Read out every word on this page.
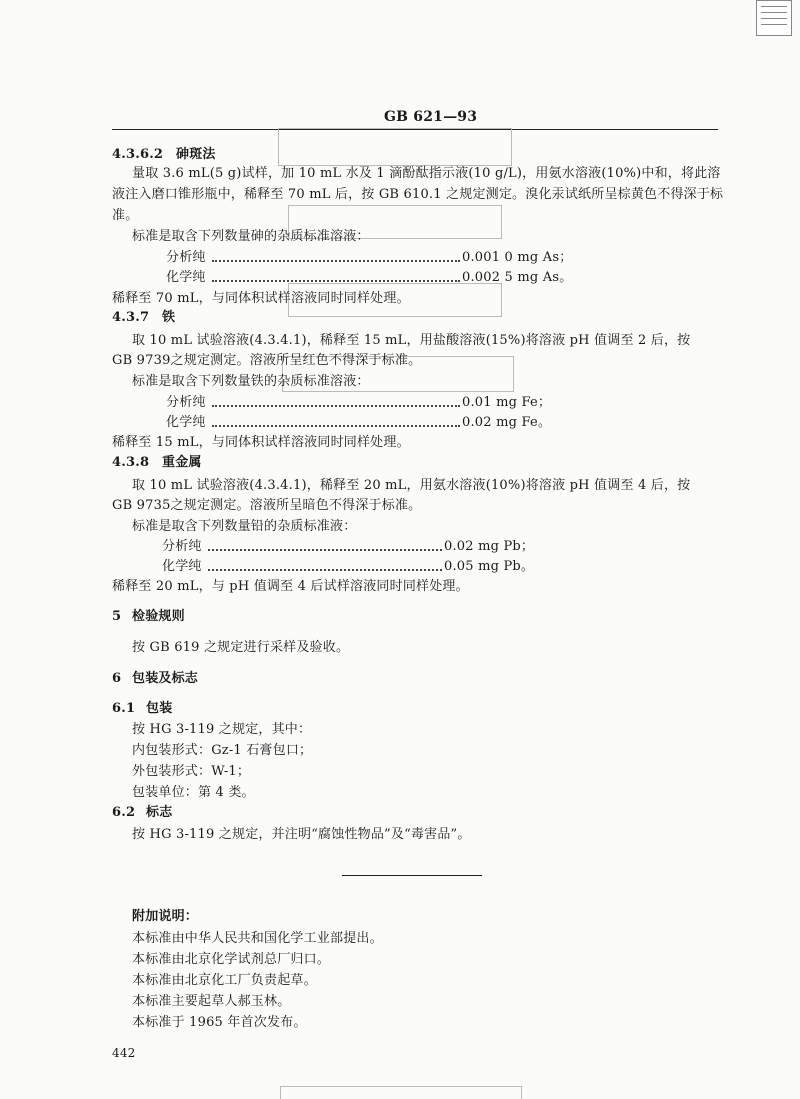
GB 621—93
4.3.6.2 砷斑法
量取 3.6 mL(5 g)试样，加 10 mL 水及 1 滴酚酞指示液(10 g/L)，用氨水溶液(10%)中和，将此溶
液注入磨口锥形瓶中，稀释至 70 mL 后，按 GB 610.1 之规定测定。溴化汞试纸所呈棕黄色不得深于标
准。
标准是取含下列数量砷的杂质标准溶液：
分析纯	0.001 0 mg As；
化学纯	0.002 5 mg As。
稀释至 70 mL，与同体积试样溶液同时同样处理。
4.3.7 铁
取 10 mL 试验溶液(4.3.4.1)，稀释至 15 mL，用盐酸溶液(15%)将溶液 pH 值调至 2 后，按
GB 9739之规定测定。溶液所呈红色不得深于标准。
标准是取含下列数量铁的杂质标准溶液：
分析纯	0.01 mg Fe；
化学纯	0.02 mg Fe。
稀释至 15 mL，与同体积试样溶液同时同样处理。
4.3.8 重金属
取 10 mL 试验溶液(4.3.4.1)，稀释至 20 mL，用氨水溶液(10%)将溶液 pH 值调至 4 后，按
GB 9735之规定测定。溶液所呈暗色不得深于标准。
标准是取含下列数量铅的杂质标准液：
分析纯	0.02 mg Pb；
化学纯	0.05 mg Pb。
稀释至 20 mL，与 pH 值调至 4 后试样溶液同时同样处理。
5 检验规则
按 GB 619 之规定进行采样及验收。
6 包装及标志
6.1 包装
按 HG 3-119 之规定，其中：
内包装形式：Gz-1 石膏包口；
外包装形式：W-1；
包装单位：第 4 类。
6.2 标志
按 HG 3-119 之规定，并注明“腐蚀性物品”及“毒害品”。
附加说明：
本标准由中华人民共和国化学工业部提出。
本标准由北京化学试剂总厂归口。
本标准由北京化工厂负责起草。
本标准主要起草人郝玉林。
本标准于 1965 年首次发布。
442
